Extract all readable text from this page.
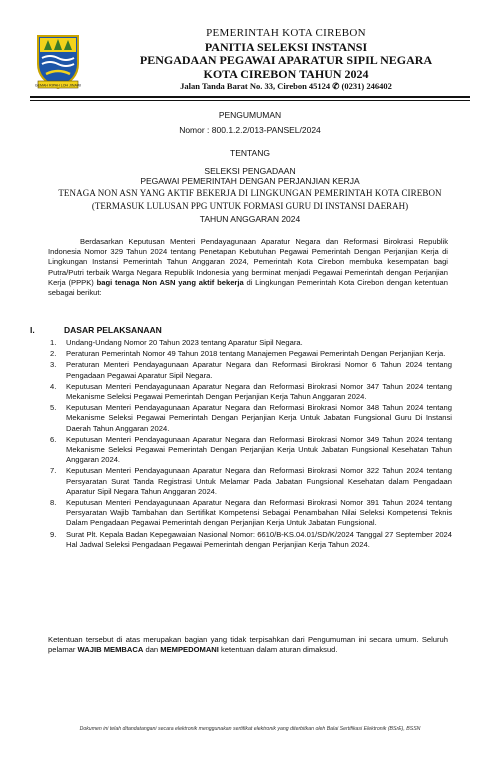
GEMAH RIPAH LOH JINAWI
PEMERINTAH KOTA CIREBON
PANITIA SELEKSI INSTANSI
PENGADAAN PEGAWAI APARATUR SIPIL NEGARA
KOTA CIREBON TAHUN 2024
Jalan Tanda Barat No. 33, Cirebon 45124 ✆ (0231) 246402
PENGUMUMAN
Nomor : 800.1.2.2/013-PANSEL/2024
TENTANG
SELEKSI PENGADAAN
PEGAWAI PEMERINTAH DENGAN PERJANJIAN KERJA
TENAGA NON ASN YANG AKTIF BEKERJA DI LINGKUNGAN PEMERINTAH KOTA CIREBON
(TERMASUK LULUSAN PPG UNTUK FORMASI GURU DI INSTANSI DAERAH)
TAHUN ANGGARAN 2024
Berdasarkan Keputusan Menteri Pendayagunaan Aparatur Negara dan Reformasi Birokrasi Republik Indonesia Nomor 329 Tahun 2024 tentang Penetapan Kebutuhan Pegawai Pemerintah Dengan Perjanjian Kerja di Lingkungan Instansi Pemerintah Tahun Anggaran 2024, Pemerintah Kota Cirebon membuka kesempatan bagi Putra/Putri terbaik Warga Negara Republik Indonesia yang berminat menjadi Pegawai Pemerintah dengan Perjanjian Kerja (PPPK) bagi tenaga Non ASN yang aktif bekerja di Lingkungan Pemerintah Kota Cirebon dengan ketentuan sebagai berikut:
I.	DASAR PELAKSANAAN
1. Undang-Undang Nomor 20 Tahun 2023 tentang Aparatur Sipil Negara.
2. Peraturan Pemerintah Nomor 49 Tahun 2018 tentang Manajemen Pegawai Pemerintah Dengan Perjanjian Kerja.
3. Peraturan Menteri Pendayagunaan Aparatur Negara dan Reformasi Birokrasi Nomor 6 Tahun 2024 tentang Pengadaan Pegawai Aparatur Sipil Negara.
4. Keputusan Menteri Pendayagunaan Aparatur Negara dan Reformasi Birokrasi Nomor 347 Tahun 2024 tentang Mekanisme Seleksi Pegawai Pemerintah Dengan Perjanjian Kerja Tahun Anggaran 2024.
5. Keputusan Menteri Pendayagunaan Aparatur Negara dan Reformasi Birokrasi Nomor 348 Tahun 2024 tentang Mekanisme Seleksi Pegawai Pemerintah Dengan Perjanjian Kerja Untuk Jabatan Fungsional Guru Di Instansi Daerah Tahun Anggaran 2024.
6. Keputusan Menteri Pendayagunaan Aparatur Negara dan Reformasi Birokrasi Nomor 349 Tahun 2024 tentang Mekanisme Seleksi Pegawai Pemerintah Dengan Perjanjian Kerja Untuk Jabatan Fungsional Kesehatan Tahun Anggaran 2024.
7. Keputusan Menteri Pendayagunaan Aparatur Negara dan Reformasi Birokrasi Nomor 322 Tahun 2024 tentang Persyaratan Surat Tanda Registrasi Untuk Melamar Pada Jabatan Fungsional Kesehatan dalam Pengadaan Aparatur Sipil Negara Tahun Anggaran 2024.
8. Keputusan Menteri Pendayagunaan Aparatur Negara dan Reformasi Birokrasi Nomor 391 Tahun 2024 tentang Persyaratan Wajib Tambahan dan Sertifikat Kompetensi Sebagai Penambahan Nilai Seleksi Kompetensi Teknis Dalam Pengadaan Pegawai Pemerintah dengan Perjanjian Kerja Untuk Jabatan Fungsional.
9. Surat Plt. Kepala Badan Kepegawaian Nasional Nomor: 6610/B-KS.04.01/SD/K/2024 Tanggal 27 September 2024 Hal Jadwal Seleksi Pengadaan Pegawai Pemerintah dengan Perjanjian Kerja Tahun 2024.
Ketentuan tersebut di atas merupakan bagian yang tidak terpisahkan dari Pengumuman ini secara umum. Seluruh pelamar WAJIB MEMBACA dan MEMPEDOMANI ketentuan dalam aturan dimaksud.
Dokumen ini telah ditandatangani secara elektronik menggunakan sertifikat elektronik yang diterbitkan oleh Balai Sertifikasi Elektronik (BSrE), BSSN
